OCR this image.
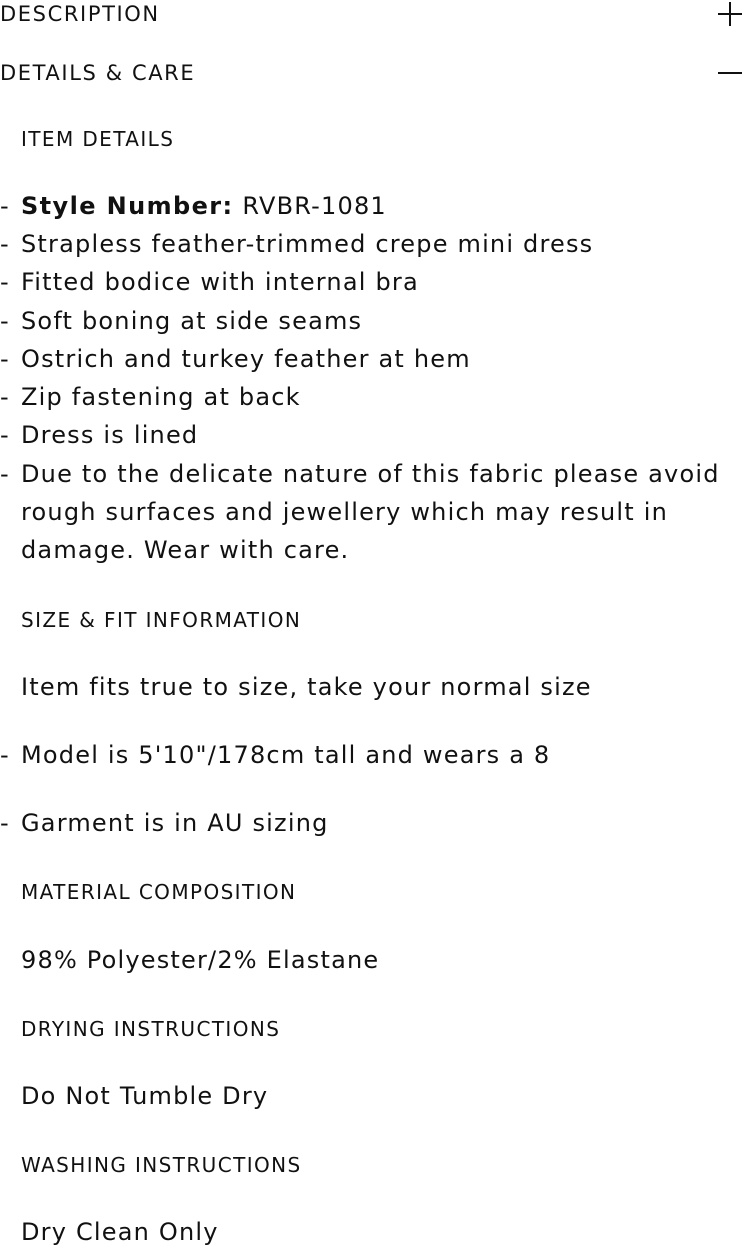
DESCRIPTION
DETAILS & CARE
ITEM DETAILS
- Style Number: RVBR-1081
- Strapless feather-trimmed crepe mini dress
- Fitted bodice with internal bra
- Soft boning at side seams
- Ostrich and turkey feather at hem
- Zip fastening at back
- Dress is lined
- Due to the delicate nature of this fabric please avoid
rough surfaces and jewellery which may result in
damage. Wear with care.
SIZE & FIT INFORMATION
Item fits true to size, take your normal size
- Model is 5'10"/178cm tall and wears a 8
- Garment is in AU sizing
MATERIAL COMPOSITION
98% Polyester/2% Elastane
DRYING INSTRUCTIONS
Do Not Tumble Dry
WASHING INSTRUCTIONS
Dry Clean Only
